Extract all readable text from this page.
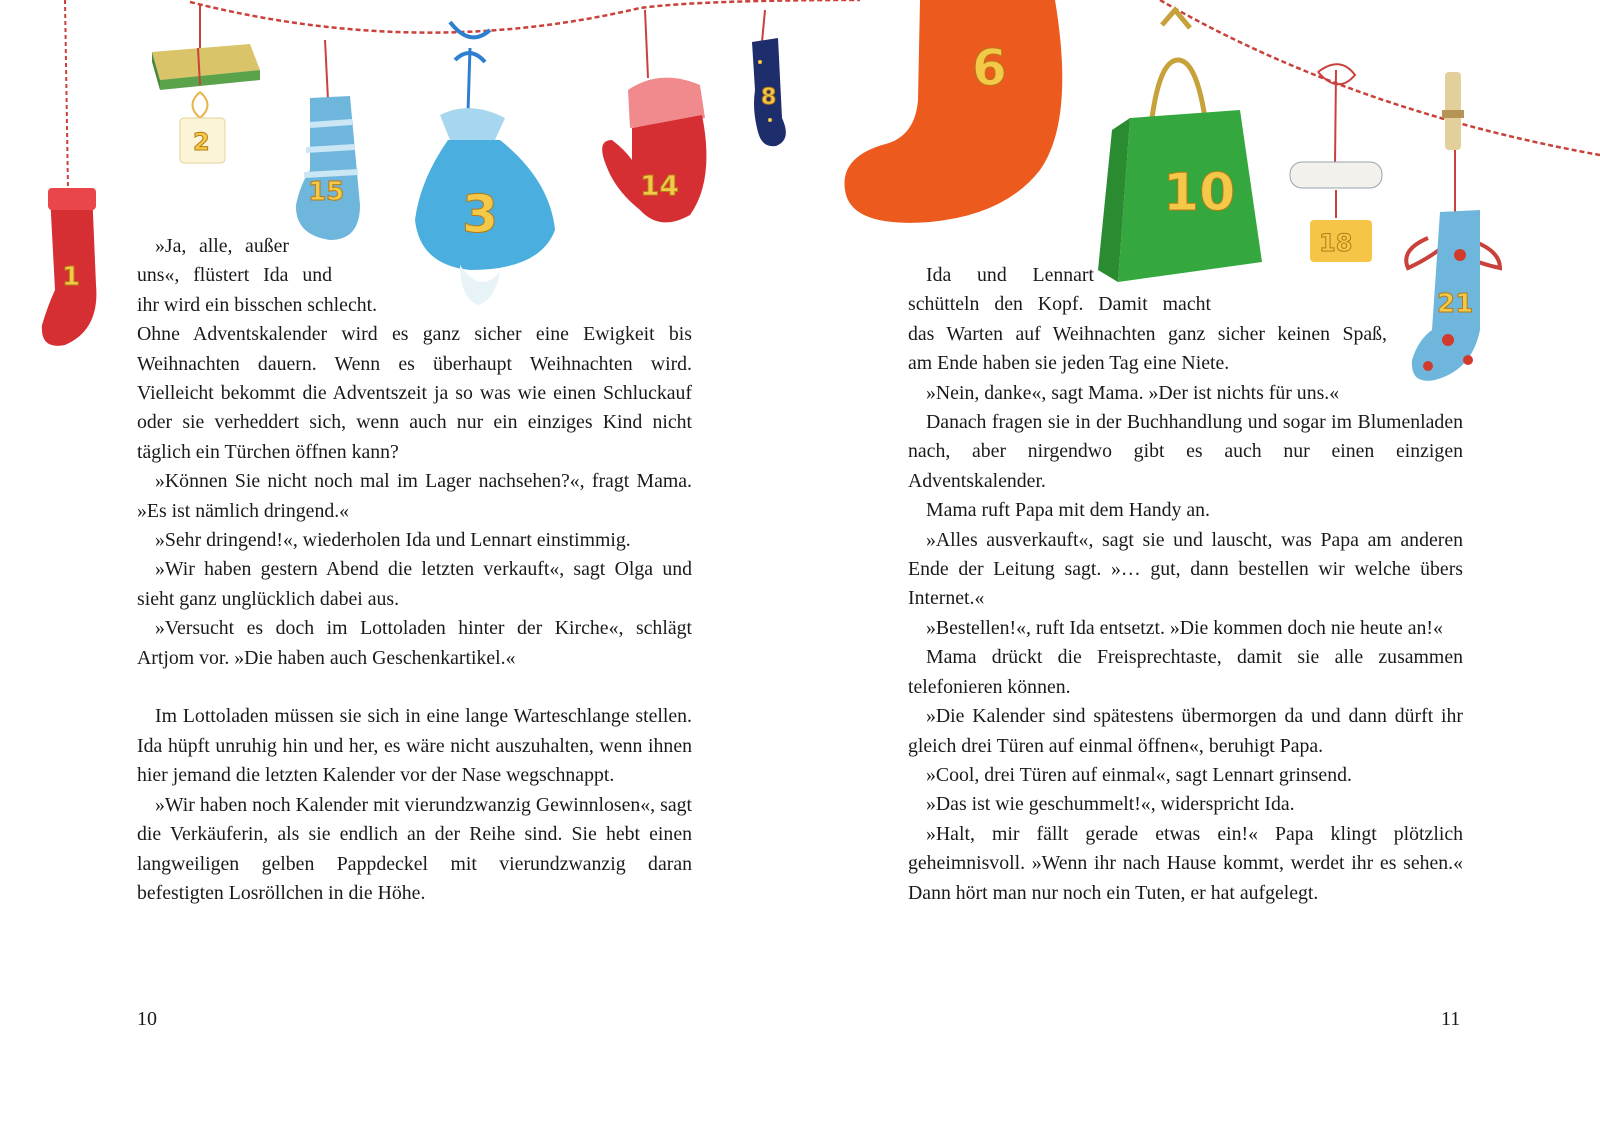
1
2
15 3	14
8
6
10
18
21

»Ja, alle, außer

uns«, flüstert Ida und

ihr wird ein bisschen schlecht.

Ohne Adventskalender wird es ganz sicher eine Ewigkeit bis Weihnachten dauern. Wenn es überhaupt Weihnachten wird. Vielleicht bekommt die Adventszeit ja so was wie einen Schluckauf oder sie verheddert sich, wenn auch nur ein einziges Kind nicht täglich ein Türchen öffnen kann?

»Können Sie nicht noch mal im Lager nachsehen?«, fragt Mama. »Es ist nämlich dringend.«

»Sehr dringend!«, wiederholen Ida und Lennart einstimmig.

»Wir haben gestern Abend die letzten verkauft«, sagt Olga und sieht ganz unglücklich dabei aus.

»Versucht es doch im Lottoladen hinter der Kirche«, schlägt Artjom vor. »Die haben auch Geschenkartikel.«

Im Lottoladen müssen sie sich in eine lange Warteschlange stellen. Ida hüpft unruhig hin und her, es wäre nicht auszuhalten, wenn ihnen hier jemand die letzten Kalender vor der Nase wegschnappt.

»Wir haben noch Kalender mit vierundzwanzig Gewinnlosen«, sagt die Verkäuferin, als sie endlich an der Reihe sind. Sie hebt einen langweiligen gelben Pappdeckel mit vierundzwanzig daran befestigten Losröllchen in die Höhe.

10

Ida und Lennart

schütteln den Kopf. Damit macht

das Warten auf Weihnachten ganz sicher keinen Spaß,

am Ende haben sie jeden Tag eine Niete.

»Nein, danke«, sagt Mama. »Der ist nichts für uns.«

Danach fragen sie in der Buchhandlung und sogar im Blumenladen nach, aber nirgendwo gibt es auch nur einen einzigen Adventskalender.

Mama ruft Papa mit dem Handy an.

»Alles ausverkauft«, sagt sie und lauscht, was Papa am anderen Ende der Leitung sagt. »… gut, dann bestellen wir welche übers Internet.«

»Bestellen!«, ruft Ida entsetzt. »Die kommen doch nie heute an!«

Mama drückt die Freisprechtaste, damit sie alle zusammen telefonieren können.

»Die Kalender sind spätestens übermorgen da und dann dürft ihr gleich drei Türen auf einmal öffnen«, beruhigt Papa.

»Cool, drei Türen auf einmal«, sagt Lennart grinsend.

»Das ist wie geschummelt!«, widerspricht Ida.

»Halt, mir fällt gerade etwas ein!« Papa klingt plötzlich geheimnisvoll. »Wenn ihr nach Hause kommt, werdet ihr es sehen.« Dann hört man nur noch ein Tuten, er hat aufgelegt.

11
